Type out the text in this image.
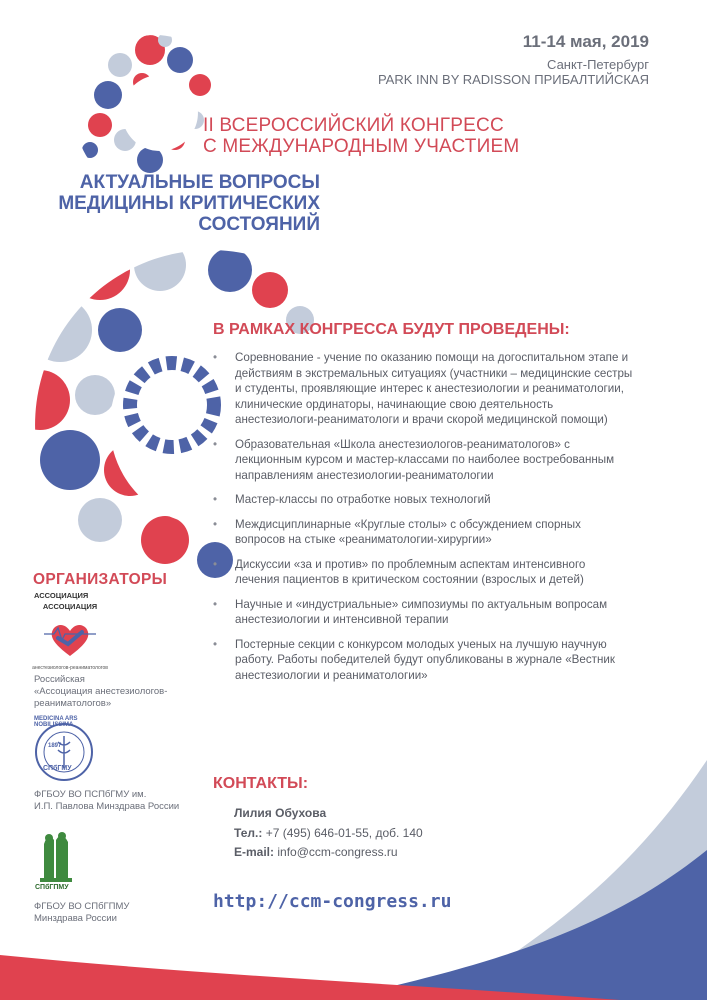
11-14 мая, 2019
Санкт-Петербург
PARK INN BY RADISSON ПРИБАЛТИЙСКАЯ
II ВСЕРОССИЙСКИЙ КОНГРЕСС
С МЕЖДУНАРОДНЫМ УЧАСТИЕМ
АКТУАЛЬНЫЕ ВОПРОСЫ
МЕДИЦИНЫ КРИТИЧЕСКИХ
СОСТОЯНИЙ
В РАМКАХ КОНГРЕССА БУДУТ ПРОВЕДЕНЫ:
• Соревнование - учение по оказанию помощи на догоспитальном этапе и действиям в экстремальных ситуациях (участники – медицинские сестры и студенты, проявляющие интерес к анестезиологии и реаниматологии, клинические ординаторы, начинающие свою деятельность анестезиологи-реаниматологи и врачи скорой медицинской помощи)
• Образовательная «Школа анестезиологов-реаниматологов» с лекционным курсом и мастер-классами по наиболее востребованным направлениям анестезиологии-реаниматологии
• Мастер-классы по отработке новых технологий
• Междисциплинарные «Круглые столы» с обсуждением спорных вопросов на стыке «реаниматологии-хирургии»
• Дискуссии «за и против» по проблемным аспектам интенсивного лечения пациентов в критическом состоянии (взрослых и детей)
• Научные и «индустриальные» симпозиумы по актуальным вопросам анестезиологии и интенсивной терапии
• Постерные секции с конкурсом молодых ученых на лучшую научную работу. Работы победителей будут опубликованы в журнале «Вестник анестезиологии и реаниматологии»
ОРГАНИЗАТОРЫ
АССОЦИАЦИЯ
АССОЦИАЦИЯ
анестезиологов-реаниматологов
Российская
«Ассоциация анестезиологов-
реаниматологов»
MEDICINA ARS NOBILISSIMA
1897
СПбГМУ
ФГБОУ ВО ПСПбГМУ им.
И.П. Павлова Минздрава России
СПбГПМУ
ФГБОУ ВО СПбГПМУ
Минздрава России
КОНТАКТЫ:
Лилия Обухова
Тел.: +7 (495) 646-01-55, доб. 140
E-mail: info@ccm-congress.ru
http://ccm-congress.ru
